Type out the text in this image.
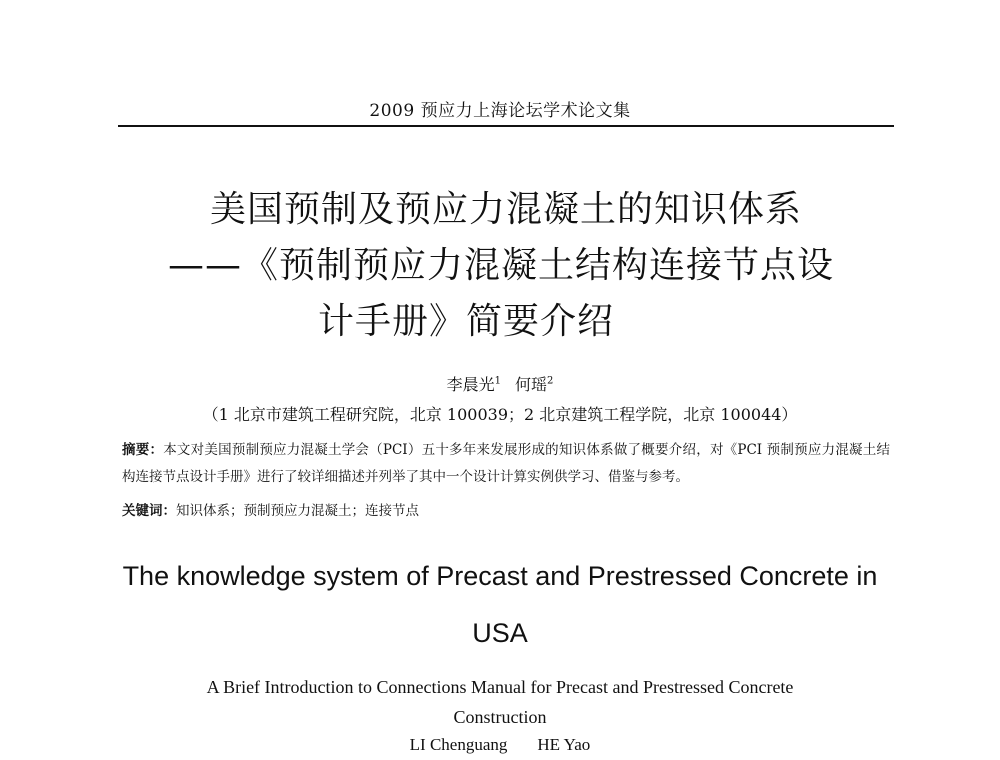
2009 预应力上海论坛学术论文集
美国预制及预应力混凝土的知识体系
——《预制预应力混凝土结构连接节点设
计手册》简要介绍
李晨光$^1$ 何瑶$^2$
（1 北京市建筑工程研究院，北京 100039；2 北京建筑工程学院，北京 100044）
摘要：本文对美国预制预应力混凝土学会（PCI）五十多年来发展形成的知识体系做了概要介绍，对《PCI 预制预应力混凝土结构连接节点设计手册》进行了较详细描述并列举了其中一个设计计算实例供学习、借鉴与参考。
关键词：知识体系；预制预应力混凝土；连接节点
The knowledge system of Precast and Prestressed Concrete in
USA
A Brief Introduction to Connections Manual for Precast and Prestressed Concrete
Construction
LI Chenguang HE Yao
